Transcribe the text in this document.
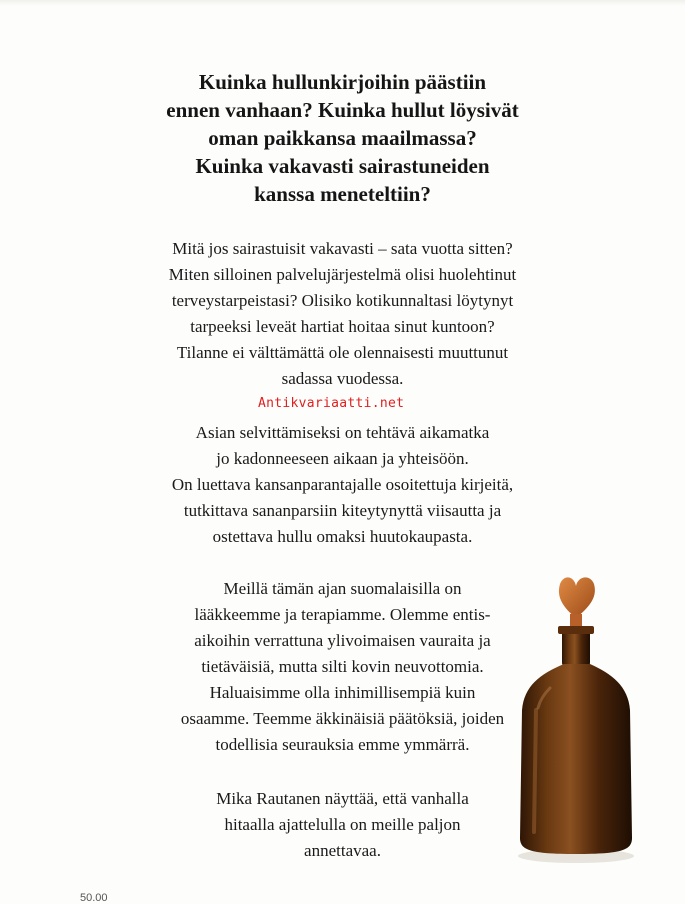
Kuinka hullunkirjoihin päästiin
ennen vanhaan? Kuinka hullut löysivät
oman paikkansa maailmassa?
Kuinka vakavasti sairastuneiden
kanssa meneteltiin?
Mitä jos sairastuisit vakavasti – sata vuotta sitten?
Miten silloinen palvelujärjestelmä olisi huolehtinut
terveystarpeistasi? Olisiko kotikunnaltasi löytynyt
tarpeeksi leveät hartiat hoitaa sinut kuntoon?
Tilanne ei välttämättä ole olennaisesti muuttunut
sadassa vuodessa.
Antikvariaatti.net
Asian selvittämiseksi on tehtävä aikamatka
jo kadonneeseen aikaan ja yhteisöön.
On luettava kansanparantajalle osoitettuja kirjeitä,
tutkittava sananparsiin kiteytynyttä viisautta ja
ostettava hullu omaksi huutokaupasta.
Meillä tämän ajan suomalaisilla on
lääkkeemme ja terapiamme. Olemme entis-
aikoihin verrattuna ylivoimaisen vauraita ja
tietäväisiä, mutta silti kovin neuvottomia.
Haluaisimme olla inhimillisempiä kuin
osaamme. Teemme äkkinäisiä päätöksiä, joiden
todellisia seurauksia emme ymmärrä.
Mika Rautanen näyttää, että vanhalla
hitaalla ajattelulla on meille paljon
annettavaa.
50.00
